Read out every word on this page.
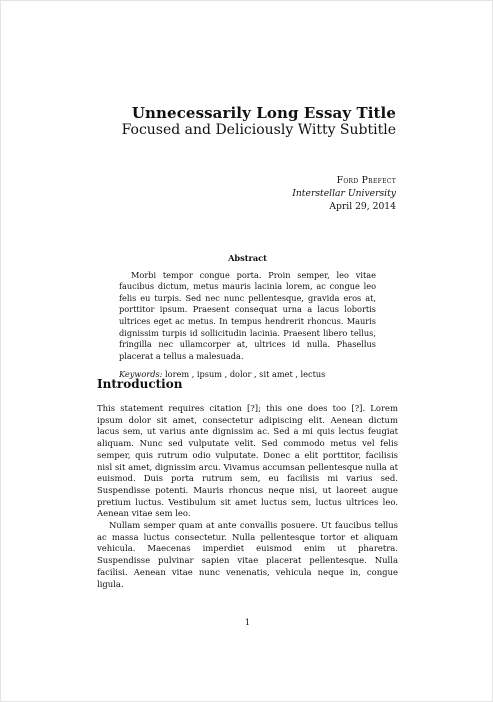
Unnecessarily Long Essay Title
Focused and Deliciously Witty Subtitle
Ford Prefect
Interstellar University
April 29, 2014
Abstract

Morbi tempor congue porta. Proin semper, leo vitae faucibus dictum, metus mauris lacinia lorem, ac congue leo felis eu turpis. Sed nec nunc pellentesque, gravida eros at, porttitor ipsum. Praesent consequat urna a lacus lobortis ultrices eget ac metus. In tempus hendrerit rhoncus. Mauris dignissim turpis id sollicitudin lacinia. Praesent libero tellus, fringilla nec ullamcorper at, ultrices id nulla. Phasellus placerat a tellus a malesuada.

Keywords: lorem , ipsum , dolor , sit amet , lectus
Introduction

This statement requires citation [?]; this one does too [?]. Lorem ipsum dolor sit amet, consectetur adipiscing elit. Aenean dictum lacus sem, ut varius ante dignissim ac. Sed a mi quis lectus feugiat aliquam. Nunc sed vulputate velit. Sed commodo metus vel felis semper, quis rutrum odio vulputate. Donec a elit porttitor, facilisis nisl sit amet, dignissim arcu. Vivamus accumsan pellentesque nulla at euismod. Duis porta rutrum sem, eu facilisis mi varius sed. Suspendisse potenti. Mauris rhoncus neque nisi, ut laoreet augue pretium luctus. Vestibulum sit amet luctus sem, luctus ultrices leo. Aenean vitae sem leo.

Nullam semper quam at ante convallis posuere. Ut faucibus tellus ac massa luctus consectetur. Nulla pellentesque tortor et aliquam vehicula. Maecenas imperdiet euismod enim ut pharetra. Suspendisse pulvinar sapien vitae placerat pellentesque. Nulla facilisi. Aenean vitae nunc venenatis, vehicula neque in, congue ligula.

1
